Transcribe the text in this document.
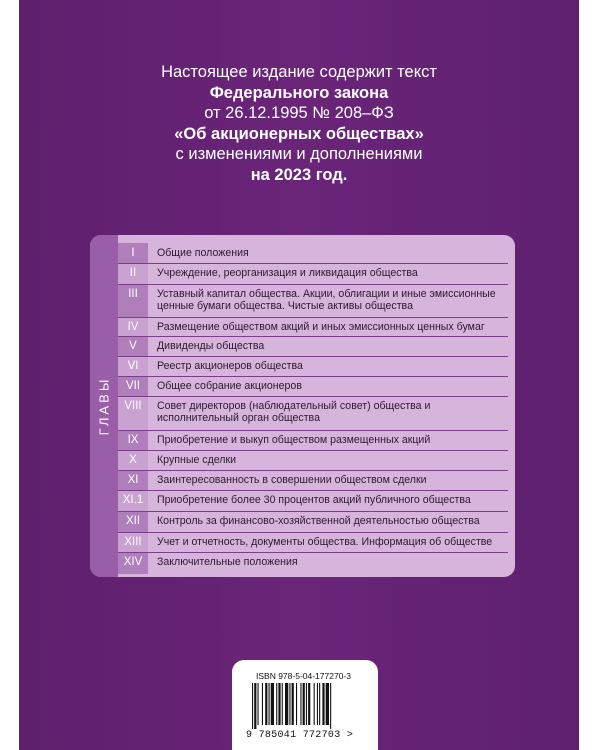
Настоящее издание содержит текст
Федерального закона
от 26.12.1995 № 208–ФЗ
«Об акционерных обществах»
с изменениями и дополнениями
на 2023 год.
ГЛАВЫ
I	Общие положения
II	Учреждение, реорганизация и ликвидация общества
III	Уставный капитал общества. Акции, облигации и иные эмиссионные ценные бумаги общества. Чистые активы общества
IV	Размещение обществом акций и иных эмиссионных ценных бумаг
V	Дивиденды общества
VI	Реестр акционеров общества
VII	Общее собрание акционеров
VIII	Совет директоров (наблюдательный совет) общества и исполнительный орган общества
IX	Приобретение и выкуп обществом размещенных акций
X	Крупные сделки
XI	Заинтересованность в совершении обществом сделки
XI.1	Приобретение более 30 процентов акций публичного общества
XII	Контроль за финансово-хозяйственной деятельностью общества
XIII	Учет и отчетность, документы общества. Информация об обществе
XIV	Заключительные положения
ISBN 978-5-04-177270-3
9 785041 772703 >
